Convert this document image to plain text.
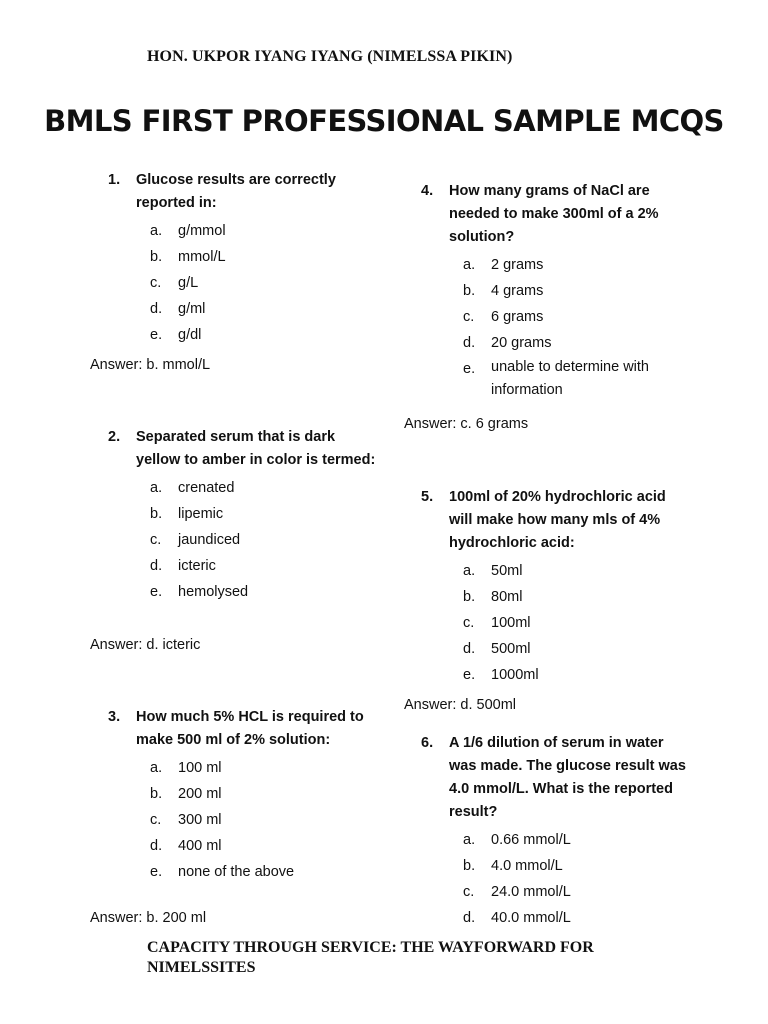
HON. UKPOR IYANG IYANG (NIMELSSA PIKIN)
BMLS FIRST PROFESSIONAL SAMPLE MCQS
1. Glucose results are correctly reported in:
a. g/mmol
b. mmol/L
c. g/L
d. g/ml
e. g/dl
Answer: b. mmol/L
2. Separated serum that is dark yellow to amber in color is termed:
a. crenated
b. lipemic
c. jaundiced
d. icteric
e. hemolysed
Answer: d. icteric
3. How much 5% HCL is required to make 500 ml of 2% solution:
a. 100 ml
b. 200 ml
c. 300 ml
d. 400 ml
e. none of the above
Answer: b. 200 ml
4. How many grams of NaCl are needed to make 300ml of a 2% solution?
a. 2 grams
b. 4 grams
c. 6 grams
d. 20 grams
e. unable to determine with information
Answer: c. 6 grams
5. 100ml of 20% hydrochloric acid will make how many mls of 4% hydrochloric acid:
a. 50ml
b. 80ml
c. 100ml
d. 500ml
e. 1000ml
Answer: d. 500ml
6. A 1/6 dilution of serum in water was made. The glucose result was 4.0 mmol/L. What is the reported result?
a. 0.66 mmol/L
b. 4.0 mmol/L
c. 24.0 mmol/L
d. 40.0 mmol/L
CAPACITY THROUGH SERVICE: THE WAYFORWARD FOR NIMELSSITES
